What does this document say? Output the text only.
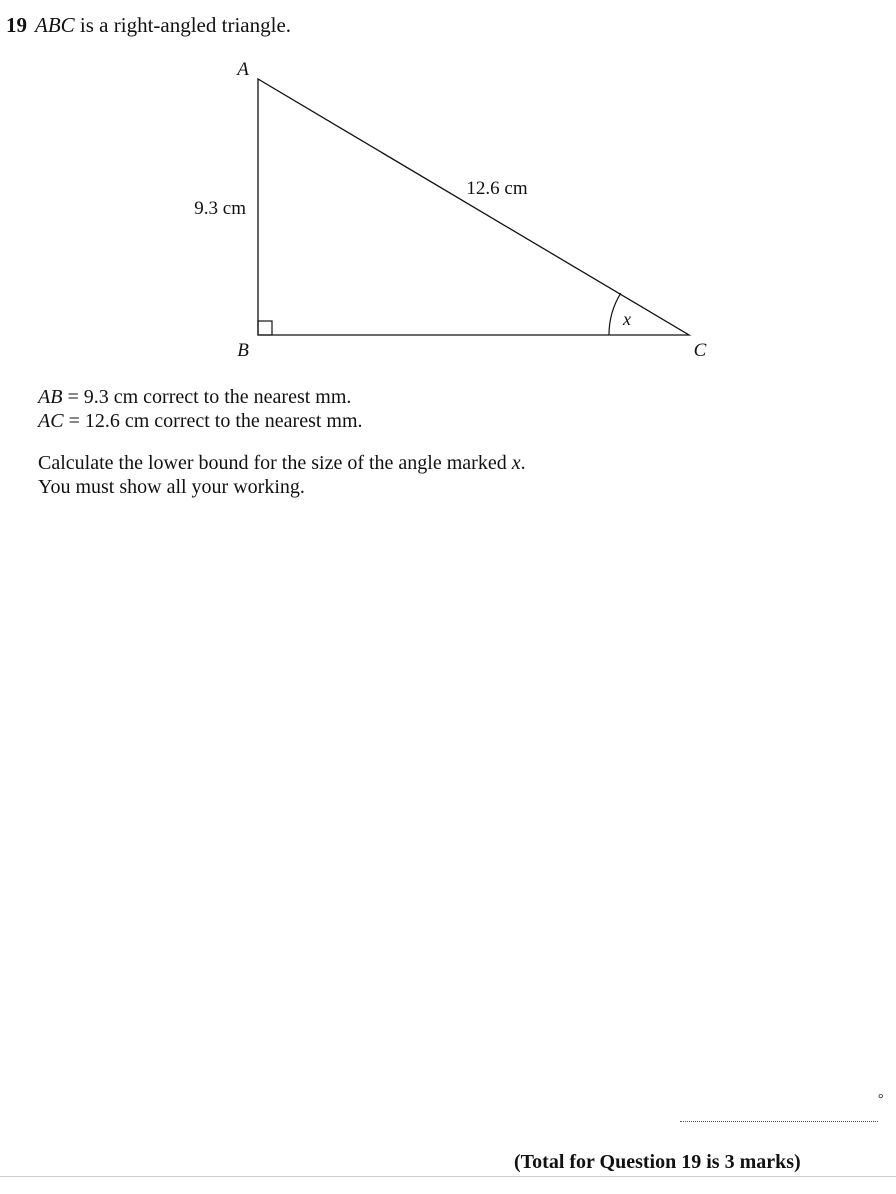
19 ABC is a right-angled triangle.
A
B	C
9.3 cm
12.6 cm
x
AB = 9.3 cm correct to the nearest mm.
AC = 12.6 cm correct to the nearest mm.
Calculate the lower bound for the size of the angle marked x.
You must show all your working.
°
(Total for Question 19 is 3 marks)
